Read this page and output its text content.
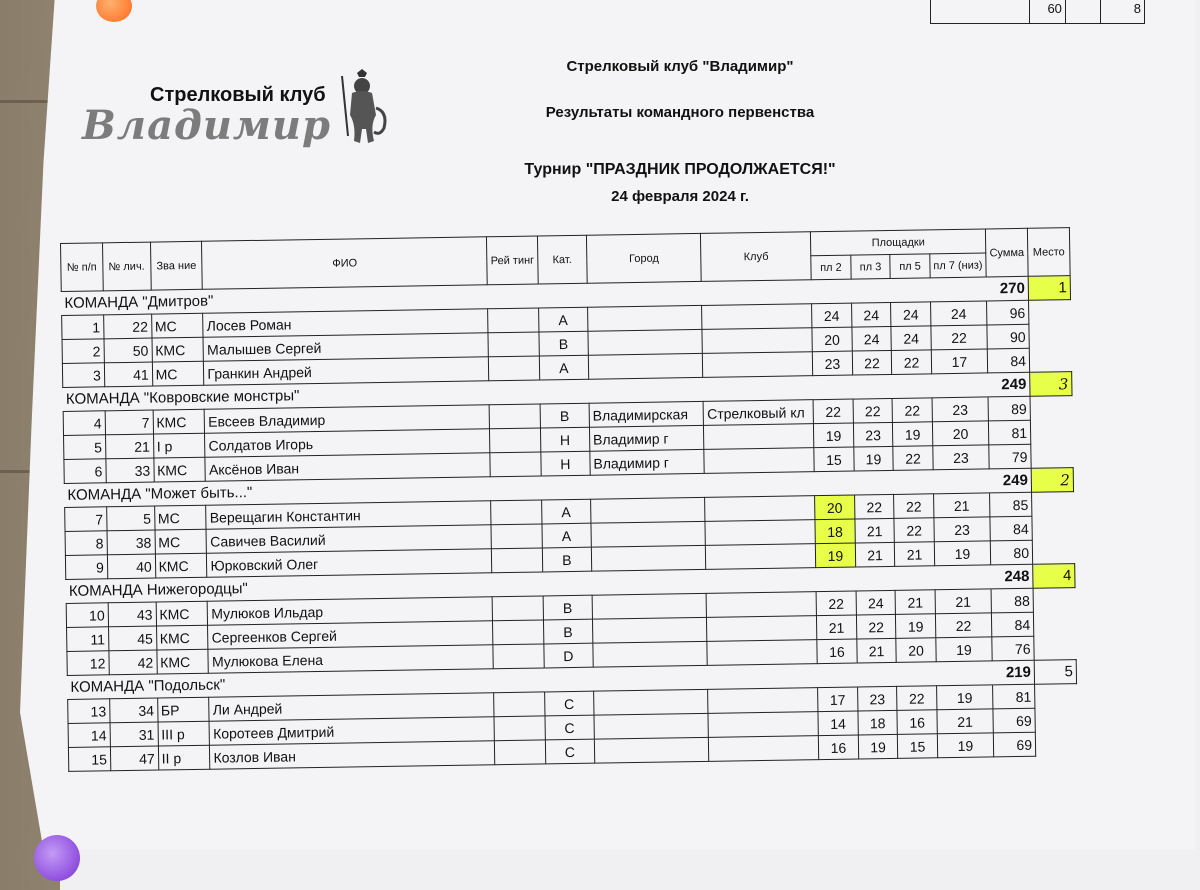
	60		8
Стрелковый клуб
Владимир
Стрелковый клуб "Владимир"
Результаты командного первенства
Турнир "ПРАЗДНИК ПРОДОЛЖАЕТСЯ!"
24 февраля 2024 г.
№ п/п	№ лич.	Зва ние	ФИО	Рей тинг	Кат.	Город	Клуб	Площадки				Сумма	Место
								пл 2	пл 3	пл 5	пл 7 (низ)		
КОМАНДА "Дмитров"												270	1
1	22	МС	Лосев Роман		A			24	24	24	24	96	
2	50	КМС	Малышев Сергей		B			20	24	24	22	90	
3	41	МС	Гранкин Андрей		A			23	22	22	17	84	
КОМАНДА "Ковровские монстры"												249	3
4	7	КМС	Евсеев Владимир		B	Владимирская	Стрелковый кл	22	22	22	23	89	
5	21	I р	Солдатов Игорь		H	Владимир г		19	23	19	20	81	
6	33	КМС	Аксёнов Иван		H	Владимир г		15	19	22	23	79	
КОМАНДА "Может быть..."												249	2
7	5	МС	Верещагин Константин		A			20	22	22	21	85	
8	38	МС	Савичев Василий		A			18	21	22	23	84	
9	40	КМС	Юрковский Олег		B			19	21	21	19	80	
КОМАНДА Нижегородцы"												248	4
10	43	КМС	Мулюков Ильдар		B			22	24	21	21	88	
11	45	КМС	Сергеенков Сергей		B			21	22	19	22	84	
12	42	КМС	Мулюкова Елена		D			16	21	20	19	76	
КОМАНДА "Подольск"												219	5
13	34	БР	Ли Андрей		C			17	23	22	19	81	
14	31	III р	Коротеев Дмитрий		C			14	18	16	21	69	
15	47	II р	Козлов Иван		C			16	19	15	19	69	
